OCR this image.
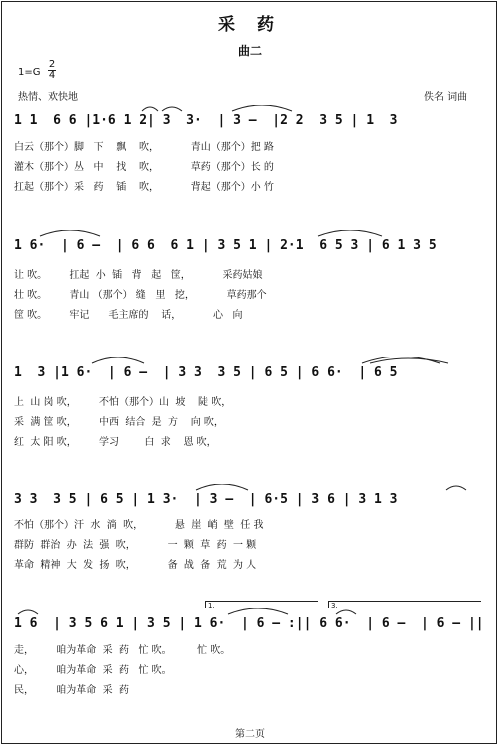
采 药
曲二
1=G
2
4
热情、欢快地	佚名 词曲
1 1  6 6 |1·6 1 2| 3  3·  | 3 –  |2 2  3 5 | 1  3
白云（那个）脚   下    飘    吹，          青山（那个）把 路
灌木（那个）丛   中    找    吹，          草药（那个）长 的
扛起（那个）采   药    锸    吹，          背起（那个）小 竹
1 6·  | 6 –  | 6 6  6 1 | 3 5 1 | 2·1  6 5 3 | 6 1 3 5
让 吹。       扛起  小  锸   背   起   筐，          采药姑娘
壮 吹。       青山 （那个） 缝   里   挖，          草药那个
筐 吹。       牢记      毛主席的    话，          心   向
1  3 |1 6·  | 6 –  | 3 3  3 5 | 6 5 | 6 6·  | 6 5
上  山 岗 吹，       不怕（那个）山  坡    陡 吹，
采  满 筐 吹，       中西  结合  是  方    向 吹，
红  太 阳 吹，       学习        白  求    恩 吹，
3 3  3 5 | 6 5 | 1 3·  | 3 –  | 6·5 | 3 6 | 3 1 3
不怕（那个）汗  水  淌  吹，          悬  崖  峭  壁  任 我
群防  群治  办  法  强  吹，          一  颗  草  药  一 颗
革命  精神  大  发  扬  吹，          备  战  备  荒  为 人
1.	3.
1 6  | 3 5 6 1 | 3 5 | 1 6·  | 6 – :|| 6 6·  | 6 –  | 6 – ||
走，       咱为革命  采  药   忙 吹。        忙 吹。
心，       咱为革命  采  药   忙 吹。
民，       咱为革命  采  药
第二页
